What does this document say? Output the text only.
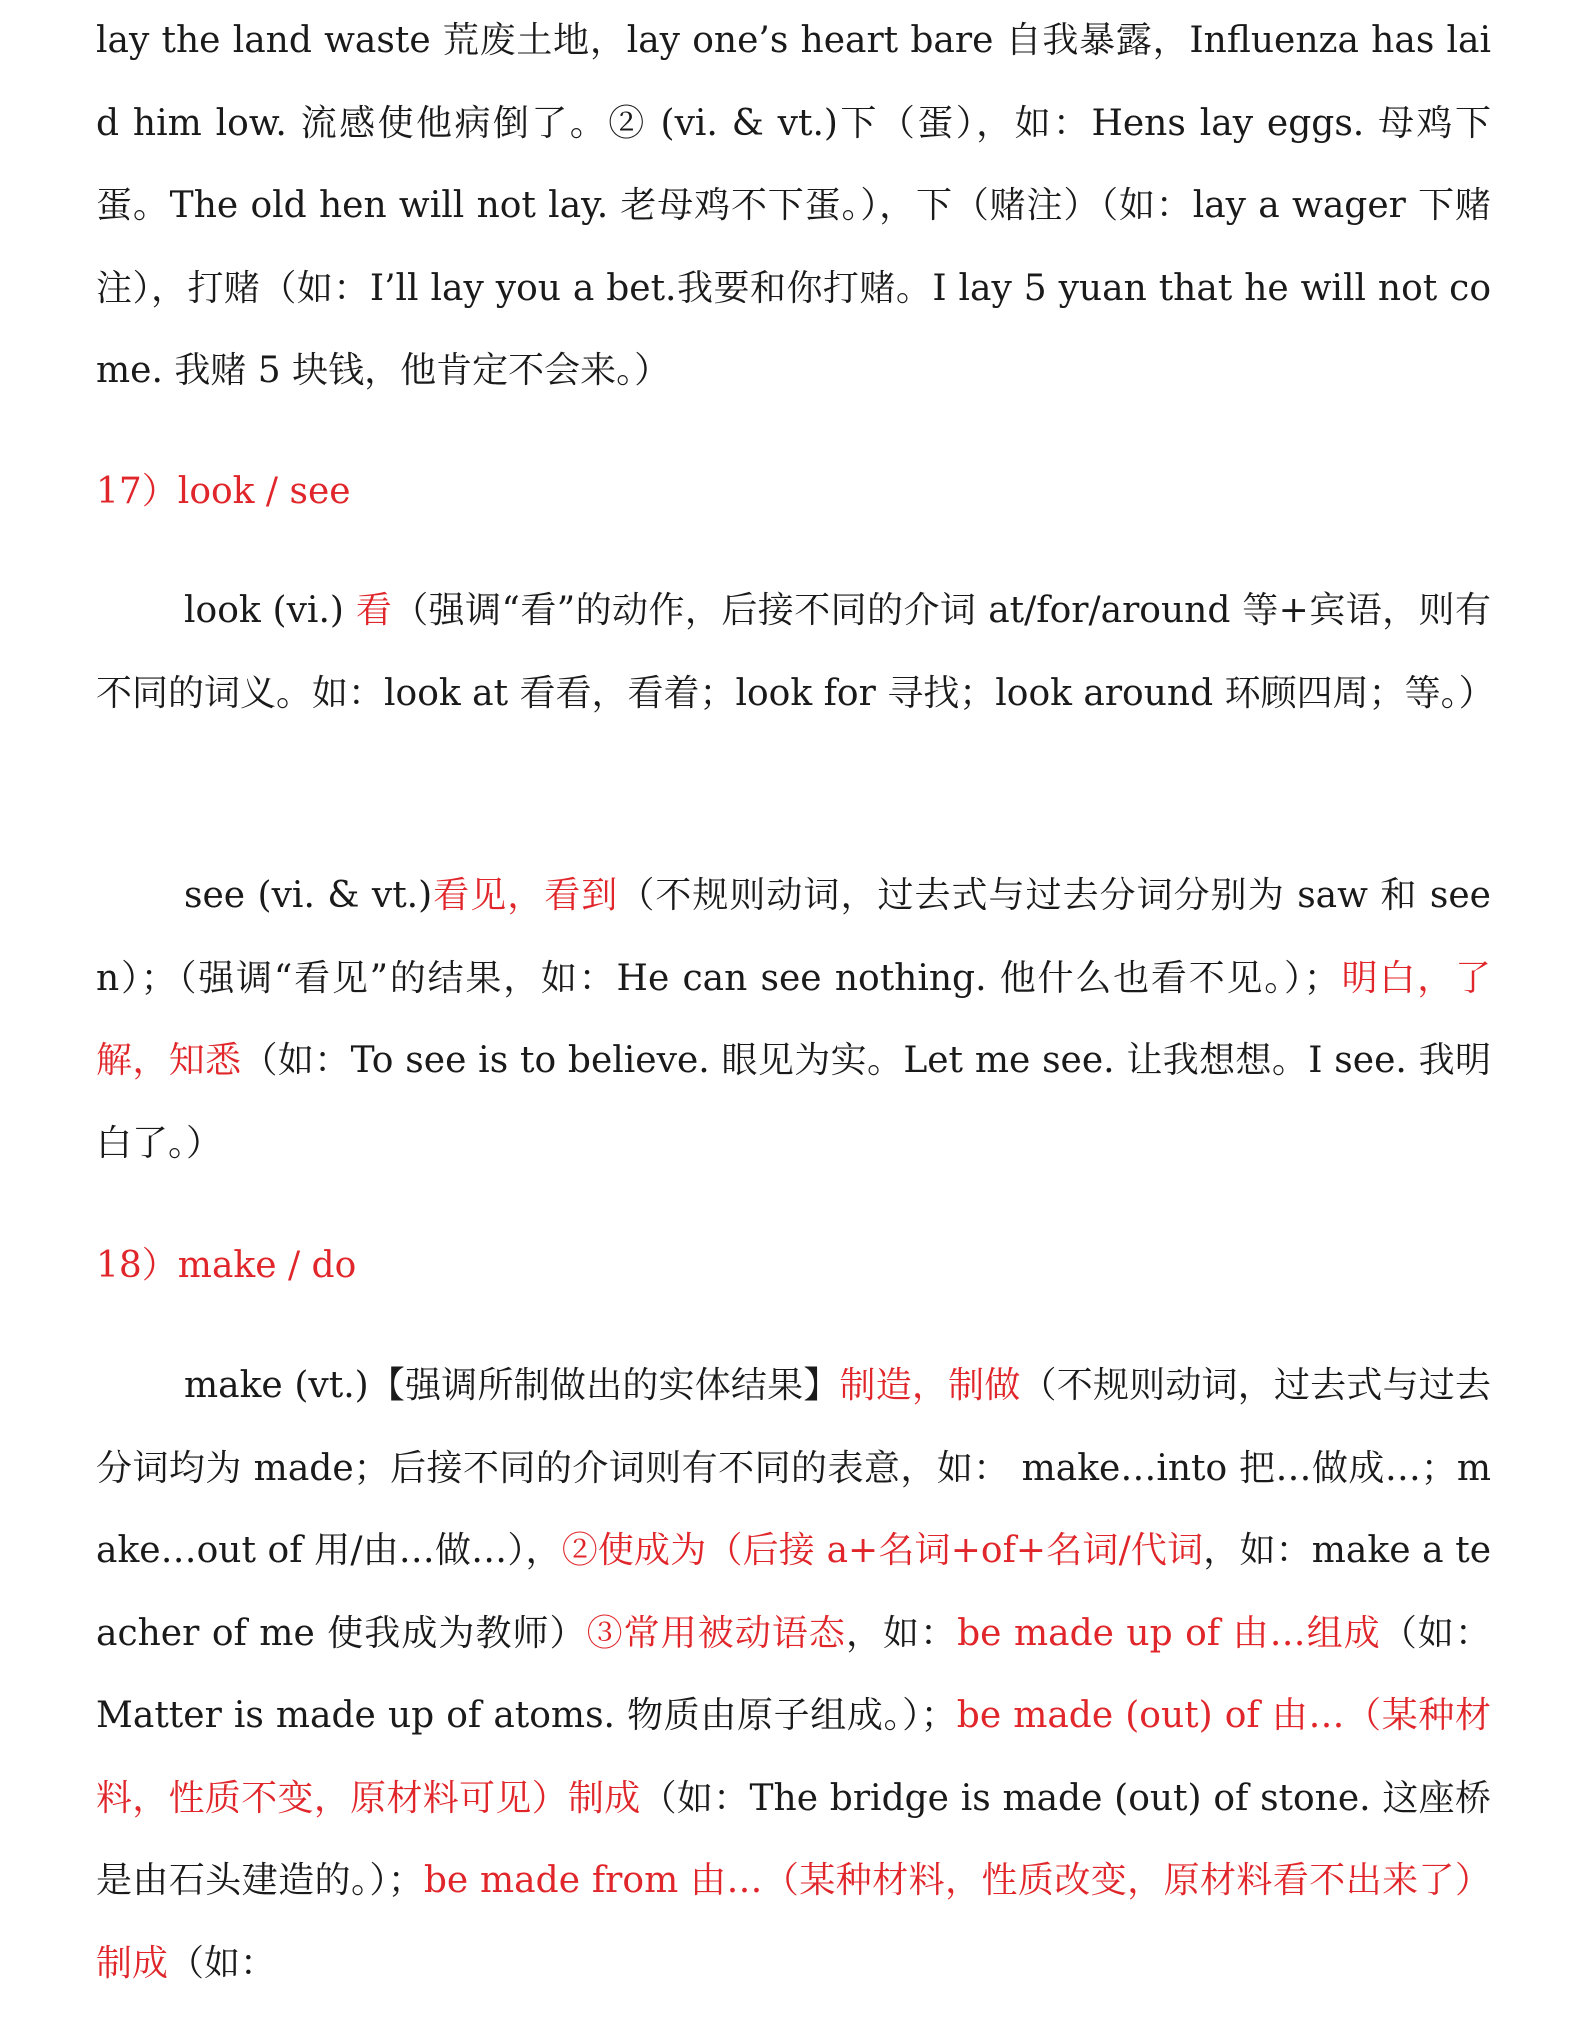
lay the land waste 荒废土地，lay one’s heart bare 自我暴露，Influenza has laid him low. 流感使他病倒了。② (vi. & vt.)下（蛋），如：Hens lay eggs. 母鸡下蛋。The old hen will not lay. 老母鸡不下蛋。），下（赌注）（如：lay a wager 下赌注），打赌（如：I’ll lay you a bet.我要和你打赌。I lay 5 yuan that he will not come. 我赌 5 块钱，他肯定不会来。）

17）look / see

look (vi.) 看（强调“看”的动作，后接不同的介词 at/for/around 等+宾语，则有不同的词义。如：look at 看看，看着；look for 寻找；look around 环顾四周；等。）

see (vi. & vt.)看见，看到（不规则动词，过去式与过去分词分别为 saw 和 seen）；（强调“看见”的结果，如：He can see nothing. 他什么也看不见。）；明白，了解，知悉（如：To see is to believe. 眼见为实。Let me see. 让我想想。I see. 我明白了。）

18）make / do

make (vt.)【强调所制做出的实体结果】制造，制做（不规则动词，过去式与过去分词均为 made；后接不同的介词则有不同的表意，如： make…into 把…做成…；make…out of 用/由…做…），②使成为（后接 a+名词+of+名词/代词，如：make a teacher of me 使我成为教师）③常用被动语态，如：be made up of 由…组成（如：Matter is made up of atoms. 物质由原子组成。）；be made (out) of 由…（某种材料，性质不变，原材料可见）制成（如：The bridge is made (out) of stone. 这座桥是由石头建造的。）；be made from 由…（某种材料，性质改变，原材料看不出来了）制成（如：
